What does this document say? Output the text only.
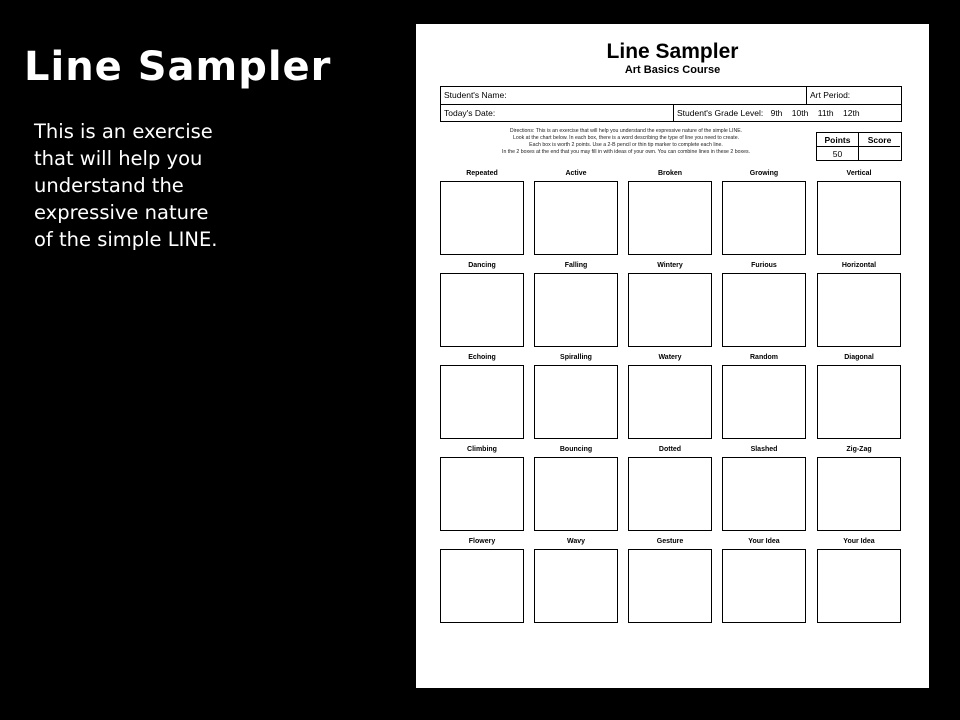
Line Sampler
This is an exercise
that will help you
understand the
expressive nature
of the simple LINE.
Line Sampler
Art Basics Course
Student's Name:	Art Period:
Today's Date:	Student's Grade Level: 9th 10th 11th 12th
Directions: This is an exercise that will help you understand the expressive nature of the simple LINE.
Look at the chart below. In each box, there is a word describing the type of line you need to create.
Each box is worth 2 points. Use a 2-B pencil or thin tip marker to complete each line.
In the 2 boxes at the end that you may fill in with ideas of your own. You can combine lines in these 2 boxes.
Points	Score
50
Repeated	Active	Broken	Growing	Vertical
Dancing	Falling	Wintery	Furious	Horizontal
Echoing	Spiralling	Watery	Random	Diagonal
Climbing	Bouncing	Dotted	Slashed	Zig-Zag
Flowery	Wavy	Gesture	Your Idea	Your Idea
